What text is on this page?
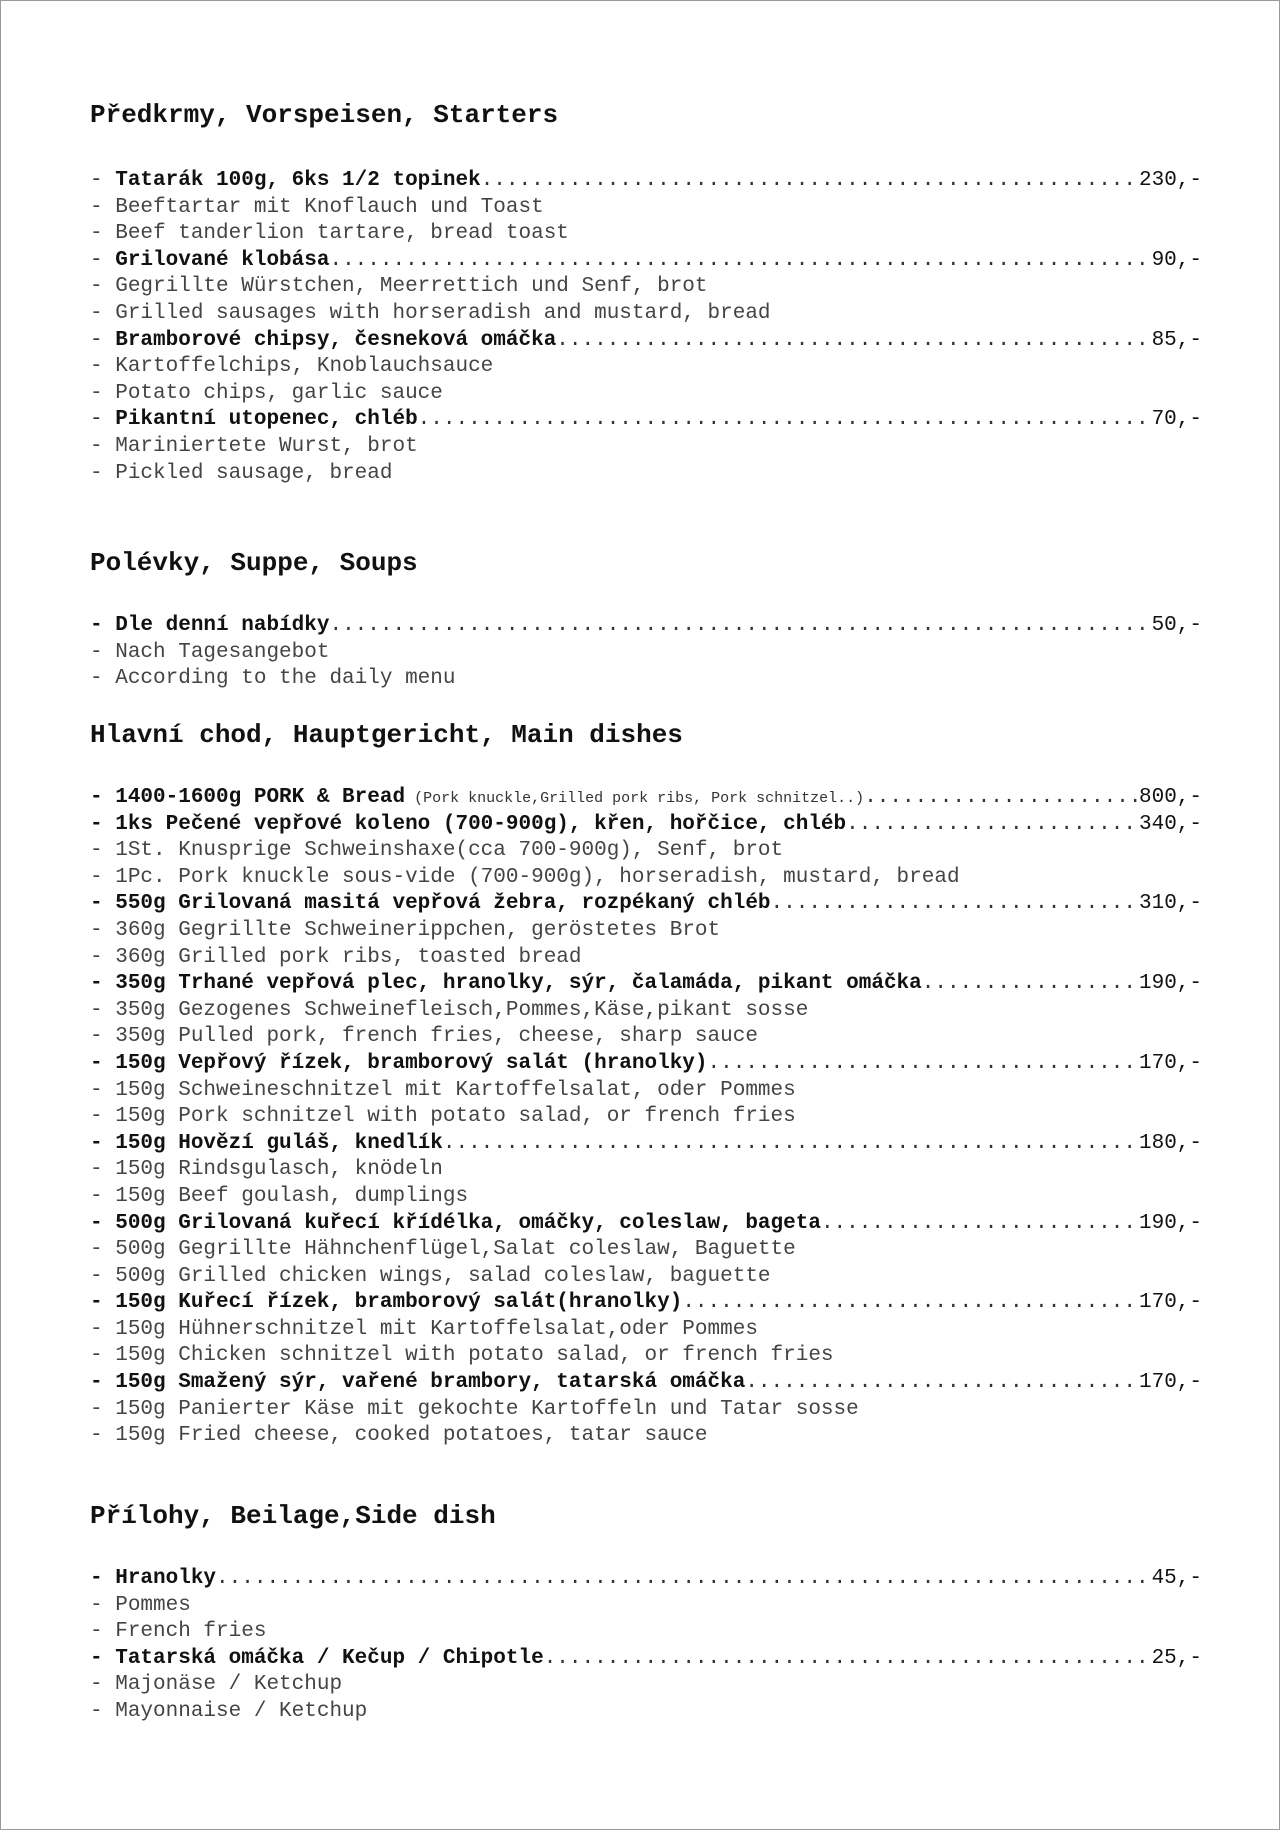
Předkrmy, Vorspeisen, Starters
- Tatarák 100g, 6ks 1/2 topinek .....	230,-
- Beeftartar mit Knoflauch und Toast
- Beef tanderlion tartare, bread toast
- Grilované klobása .....	90,-
- Gegrillte Würstchen, Meerrettich und Senf, brot
- Grilled sausages with horseradish and mustard, bread
- Bramborové chipsy, česneková omáčka .....	85,-
- Kartoffelchips, Knoblauchsauce
- Potato chips, garlic sauce
- Pikantní utopenec, chléb .....	70,-
- Mariniertete Wurst, brot
- Pickled sausage, bread
Polévky, Suppe, Soups
- Dle denní nabídky .....	50,-
- Nach Tagesangebot
- According to the daily menu
Hlavní chod, Hauptgericht, Main dishes
- 1400-1600g PORK & Bread (Pork knuckle,Grilled pork ribs, Pork schnitzel..) .....	800,-
- 1ks Pečené vepřové koleno (700-900g), křen, hořčice, chléb .....	340,-
- 1St. Knusprige Schweinshaxe(cca 700-900g), Senf, brot
- 1Pc. Pork knuckle sous-vide (700-900g), horseradish, mustard, bread
- 550g Grilovaná masitá vepřová žebra, rozpékaný chléb .....	310,-
- 360g Gegrillte Schweinerippchen, geröstetes Brot
- 360g Grilled pork ribs, toasted bread
- 350g Trhané vepřová plec, hranolky, sýr, čalamáda, pikant omáčka .....	190,-
- 350g Gezogenes Schweinefleisch,Pommes,Käse,pikant sosse
- 350g Pulled pork, french fries, cheese, sharp sauce
- 150g Vepřový řízek, bramborový salát (hranolky) .....	170,-
- 150g Schweineschnitzel mit Kartoffelsalat, oder Pommes
- 150g Pork schnitzel with potato salad, or french fries
- 150g Hovězí guláš, knedlík .....	180,-
- 150g Rindsgulasch, knödeln
- 150g Beef goulash, dumplings
- 500g Grilovaná kuřecí křídélka, omáčky, coleslaw, bageta .....	190,-
- 500g Gegrillte Hähnchenflügel,Salat coleslaw, Baguette
- 500g Grilled chicken wings, salad coleslaw, baguette
- 150g Kuřecí řízek, bramborový salát(hranolky) .....	170,-
- 150g Hühnerschnitzel mit Kartoffelsalat,oder Pommes
- 150g Chicken schnitzel with potato salad, or french fries
- 150g Smažený sýr, vařené brambory, tatarská omáčka .....	170,-
- 150g Panierter Käse mit gekochte Kartoffeln und Tatar sosse
- 150g Fried cheese, cooked potatoes, tatar sauce
Přílohy, Beilage,Side dish
- Hranolky .....	45,-
- Pommes
- French fries
- Tatarská omáčka / Kečup / Chipotle .....	25,-
- Majonäse / Ketchup
- Mayonnaise / Ketchup
